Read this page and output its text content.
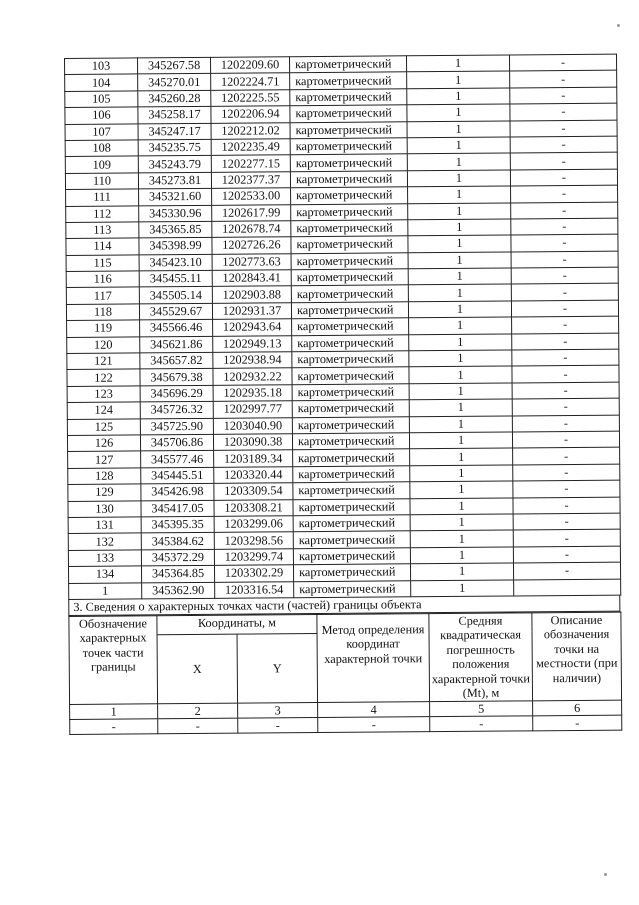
103	345267.58	1202209.60	картометрический	1	-
104	345270.01	1202224.71	картометрический	1	-
105	345260.28	1202225.55	картометрический	1	-
106	345258.17	1202206.94	картометрический	1	-
107	345247.17	1202212.02	картометрический	1	-
108	345235.75	1202235.49	картометрический	1	-
109	345243.79	1202277.15	картометрический	1	-
110	345273.81	1202377.37	картометрический	1	-
111	345321.60	1202533.00	картометрический	1	-
112	345330.96	1202617.99	картометрический	1	-
113	345365.85	1202678.74	картометрический	1	-
114	345398.99	1202726.26	картометрический	1	-
115	345423.10	1202773.63	картометрический	1	-
116	345455.11	1202843.41	картометрический	1	-
117	345505.14	1202903.88	картометрический	1	-
118	345529.67	1202931.37	картометрический	1	-
119	345566.46	1202943.64	картометрический	1	-
120	345621.86	1202949.13	картометрический	1	-
121	345657.82	1202938.94	картометрический	1	-
122	345679.38	1202932.22	картометрический	1	-
123	345696.29	1202935.18	картометрический	1	-
124	345726.32	1202997.77	картометрический	1	-
125	345725.90	1203040.90	картометрический	1	-
126	345706.86	1203090.38	картометрический	1	-
127	345577.46	1203189.34	картометрический	1	-
128	345445.51	1203320.44	картометрический	1	-
129	345426.98	1203309.54	картометрический	1	-
130	345417.05	1203308.21	картометрический	1	-
131	345395.35	1203299.06	картометрический	1	-
132	345384.62	1203298.56	картометрический	1	-
133	345372.29	1203299.74	картометрический	1	-
134	345364.85	1203302.29	картометрический	1	-
1	345362.90	1203316.54	картометрический	1	
3. Сведения о характерных точках части (частей) границы объекта
Обозначение характерных точек части границы	Координаты, м		Метод определения координат характерной точки	Средняя квадратическая погрешность положения характерной точки (Mt), м	Описание обозначения точки на местности (при наличии)
	X	Y			
1	2	3	4	5	6
-	-	-	-	-	-
